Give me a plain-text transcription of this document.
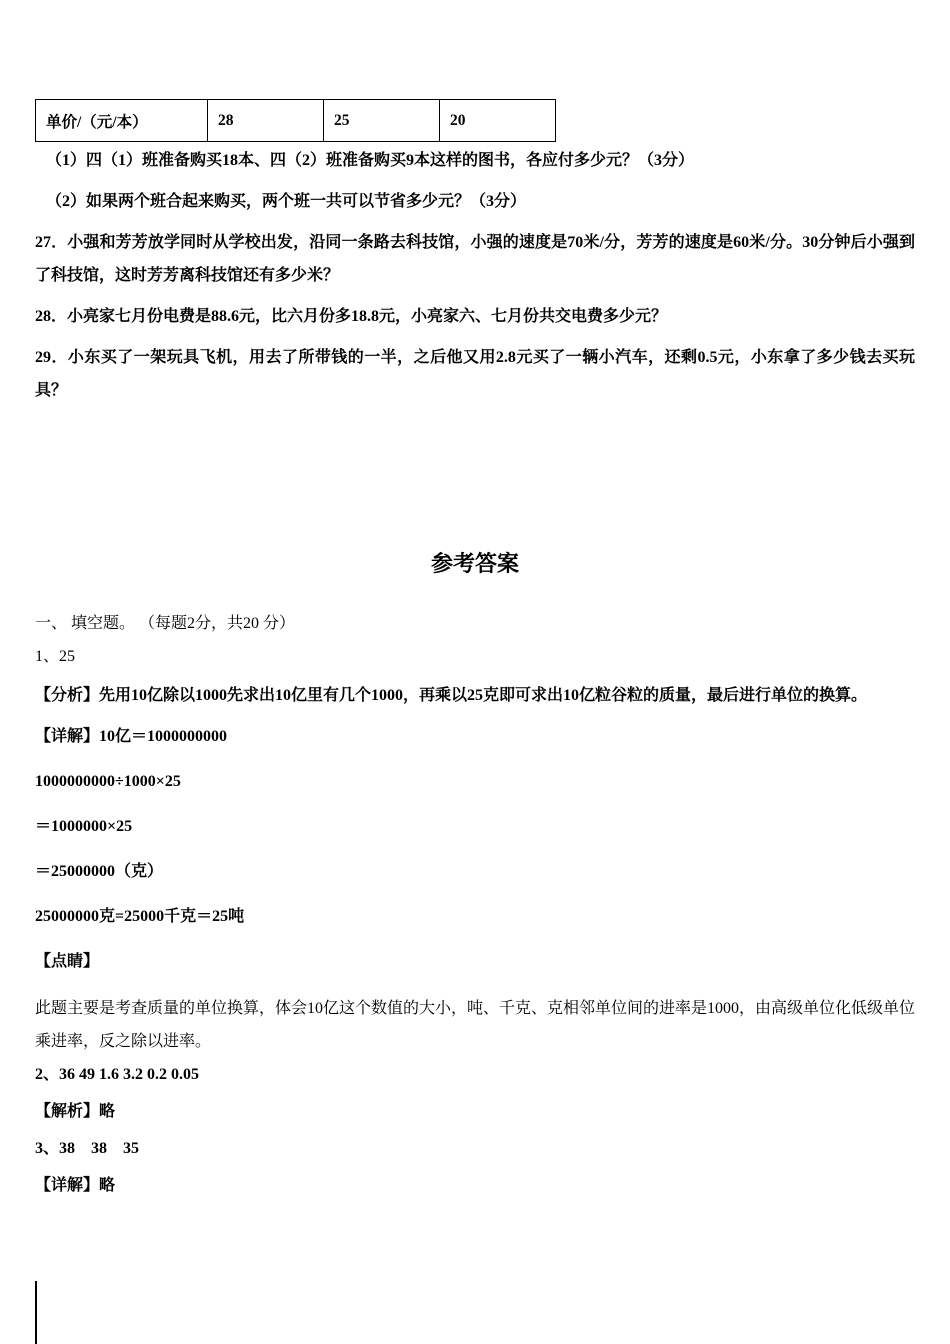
单价/（元/本）	28	25	20

（1）四（1）班准备购买18本、四（2）班准备购买9本这样的图书，各应付多少元？（3分）

（2）如果两个班合起来购买，两个班一共可以节省多少元？（3分）

27．小强和芳芳放学同时从学校出发，沿同一条路去科技馆，小强的速度是70米/分，芳芳的速度是60米/分。30分钟后小强到了科技馆，这时芳芳离科技馆还有多少米？

28．小亮家七月份电费是88.6元，比六月份多18.8元，小亮家六、七月份共交电费多少元？

29．小东买了一架玩具飞机，用去了所带钱的一半，之后他又用2.8元买了一辆小汽车，还剩0.5元，小东拿了多少钱去买玩具？

参考答案

一、 填空题。 （每题2分，共20 分）

1、25

【分析】先用10亿除以1000先求出10亿里有几个1000，再乘以25克即可求出10亿粒谷粒的质量，最后进行单位的换算。

【详解】10亿＝1000000000

1000000000÷1000×25

＝1000000×25

＝25000000（克）

25000000克=25000千克＝25吨

【点睛】

此题主要是考查质量的单位换算，体会10亿这个数值的大小，吨、千克、克相邻单位间的进率是1000，由高级单位化低级单位乘进率，反之除以进率。

2、36 49 1.6 3.2 0.2 0.05

【解析】略

3、38　38　35

【详解】略
